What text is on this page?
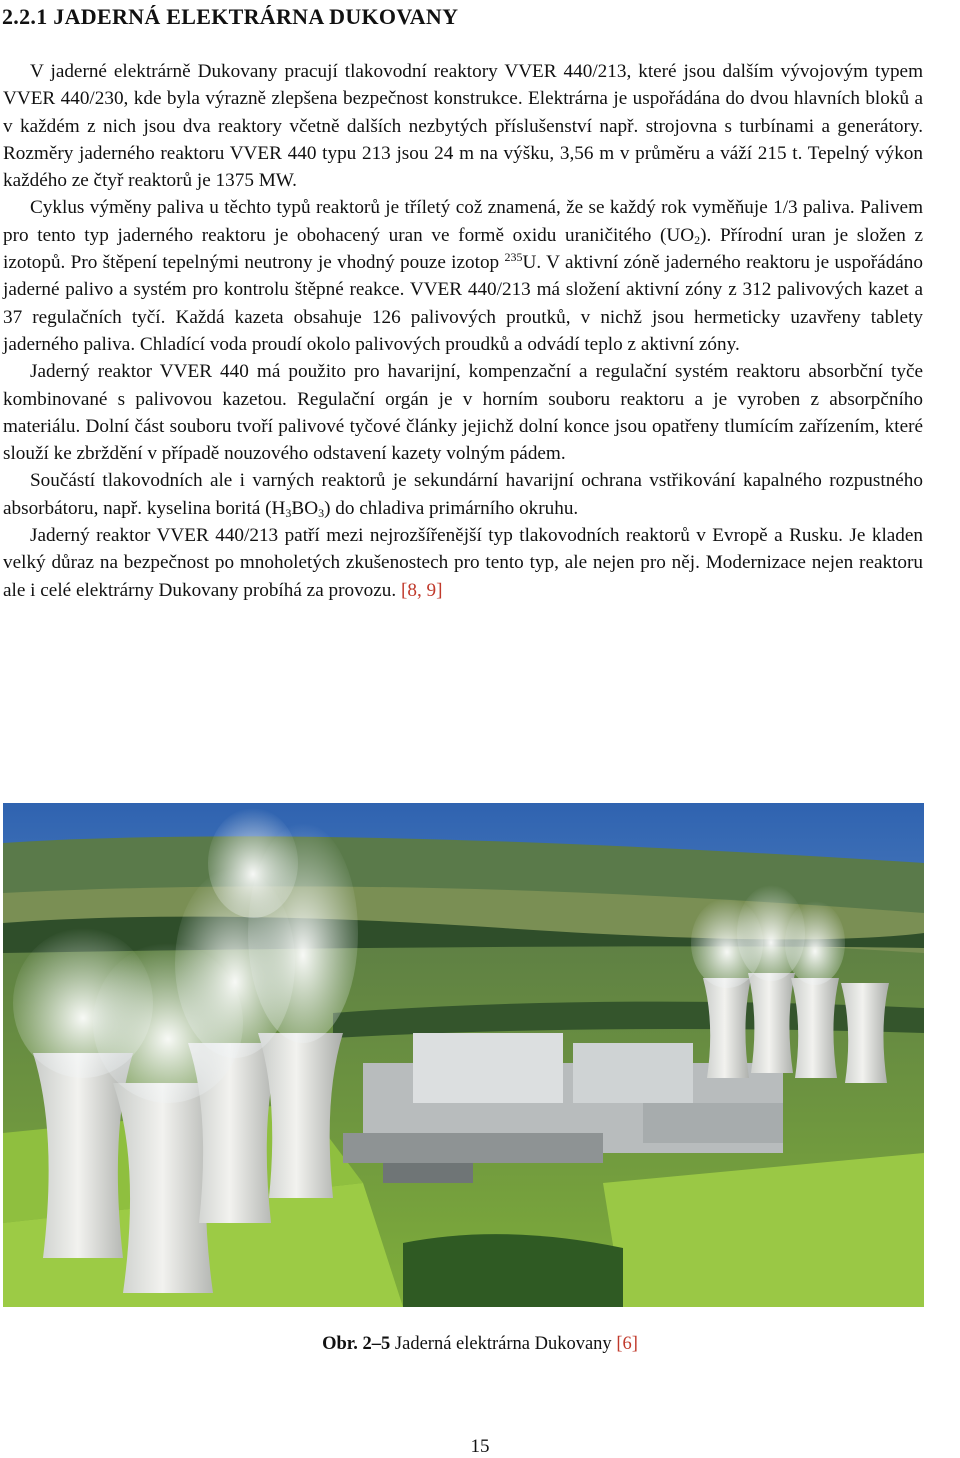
2.2.1 JADERNÁ ELEKTRÁRNA DUKOVANY

V jaderné elektrárně Dukovany pracují tlakovodní reaktory VVER 440/213, které jsou dalším vývojovým typem VVER 440/230, kde byla výrazně zlepšena bezpečnost konstrukce. Elektrárna je uspořádána do dvou hlavních bloků a v každém z nich jsou dva reaktory včetně dalších nezbytých příslušenství např. strojovna s turbínami a generátory. Rozměry jaderného reaktoru VVER 440 typu 213 jsou 24 m na výšku, 3,56 m v průměru a váží 215 t. Tepelný výkon každého ze čtyř reaktorů je 1375 MW.

Cyklus výměny paliva u těchto typů reaktorů je tříletý což znamená, že se každý rok vyměňuje 1/3 paliva. Palivem pro tento typ jaderného reaktoru je obohacený uran ve formě oxidu uraničitého $(UO_2)$. Přírodní uran je složen z izotopů. Pro štěpení tepelnými neutrony je vhodný pouze izotop $^{235}$U. V aktivní zóně jaderného reaktoru je uspořádáno jaderné palivo a systém pro kontrolu štěpné reakce. VVER 440/213 má složení aktivní zóny z 312 palivových kazet a 37 regulačních tyčí. Každá kazeta obsahuje 126 palivových proutků, v nichž jsou hermeticky uzavřeny tablety jaderného paliva. Chladící voda proudí okolo palivových proudků a odvádí teplo z aktivní zóny.

Jaderný reaktor VVER 440 má použito pro havarijní, kompenzační a regulační systém reaktoru absorbční tyče kombinované s palivovou kazetou. Regulační orgán je v horním souboru reaktoru a je vyroben z absorpčního materiálu. Dolní část souboru tvoří palivové tyčové články jejichž dolní konce jsou opatřeny tlumícím zařízením, které slouží ke zbrždění v případě nouzového odstavení kazety volným pádem.

Součástí tlakovodních ale i varných reaktorů je sekundární havarijní ochrana vstřikování kapalného rozpustného absorbátoru, např. kyselina boritá $(H_3BO_3)$ do chladiva primárního okruhu.

Jaderný reaktor VVER 440/213 patří mezi nejrozšířenější typ tlakovodních reaktorů v Evropě a Rusku. Je kladen velký důraz na bezpečnost po mnoholetých zkušenostech pro tento typ, ale nejen pro něj. Modernizace nejen reaktoru ale i celé elektrárny Dukovany probíhá za provozu. [8, 9]

Obr. 2–5 Jaderná elektrárna Dukovany [6]
15
